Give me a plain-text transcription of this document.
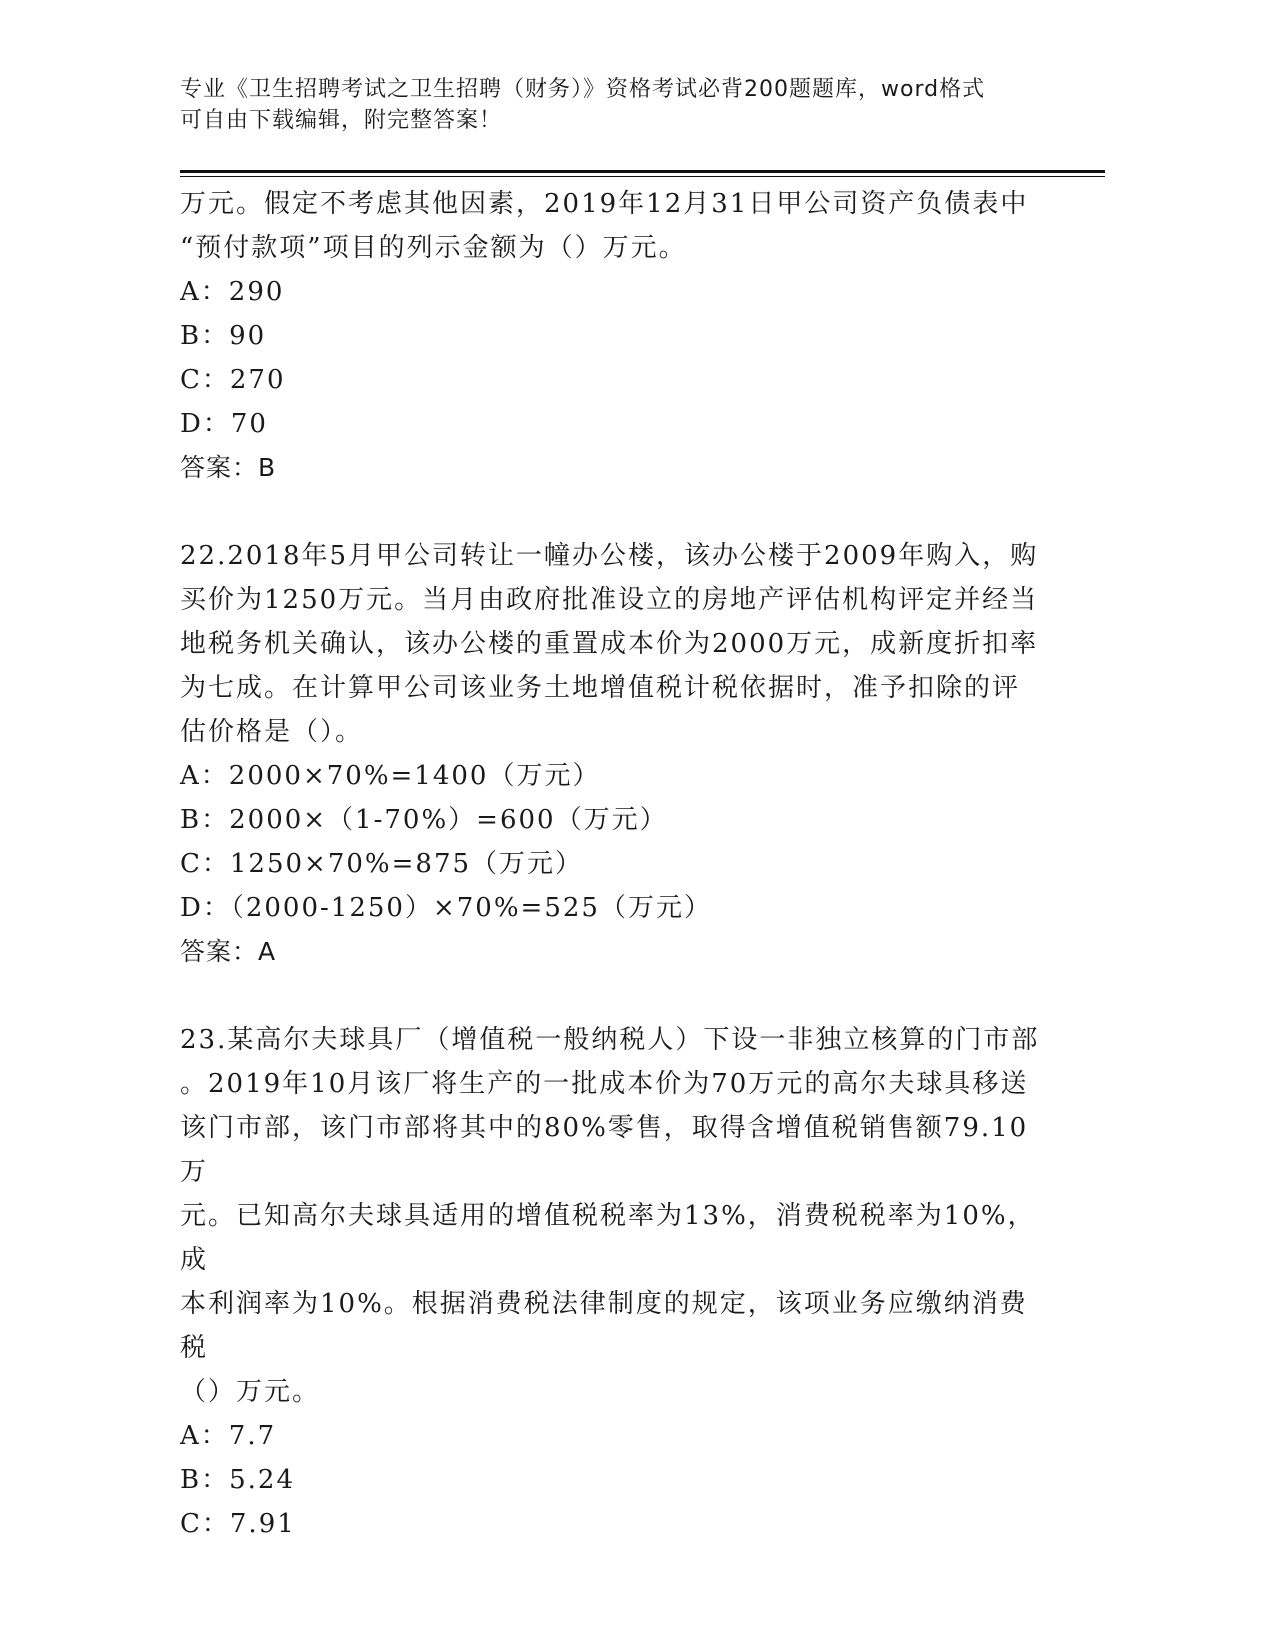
专业《卫生招聘考试之卫生招聘（财务）》资格考试必背200题题库，word格式
可自由下载编辑，附完整答案！

万元。假定不考虑其他因素，2019年12月31日甲公司资产负债表中

“预付款项”项目的列示金额为（）万元。

A：290

B：90

C：270

D：70

答案：B

22.2018年5月甲公司转让一幢办公楼，该办公楼于2009年购入，购

买价为1250万元。当月由政府批准设立的房地产评估机构评定并经当

地税务机关确认，该办公楼的重置成本价为2000万元，成新度折扣率

为七成。在计算甲公司该业务土地增值税计税依据时，准予扣除的评

估价格是（）。

A：2000×70%=1400（万元）

B：2000×（1-70%）=600（万元）

C：1250×70%=875（万元）

D：（2000-1250）×70%=525（万元）

答案：A

23.某高尔夫球具厂（增值税一般纳税人）下设一非独立核算的门市部

。2019年10月该厂将生产的一批成本价为70万元的高尔夫球具移送

该门市部，该门市部将其中的80%零售，取得含增值税销售额79.10万

元。已知高尔夫球具适用的增值税税率为13%，消费税税率为10%，成

本利润率为10%。根据消费税法律制度的规定，该项业务应缴纳消费税

（）万元。

A：7.7

B：5.24

C：7.91
